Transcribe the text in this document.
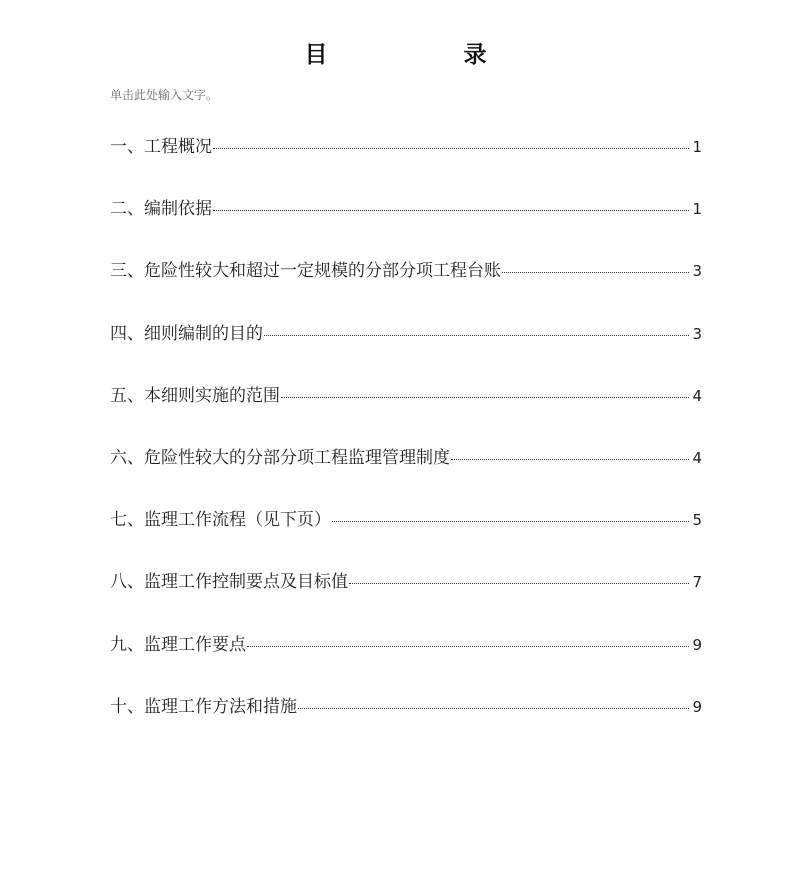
目 录
单击此处输入文字。
一、工程概况	1
二、编制依据	1
三、危险性较大和超过一定规模的分部分项工程台账	3
四、细则编制的目的	3
五、本细则实施的范围	4
六、危险性较大的分部分项工程监理管理制度	4
七、监理工作流程（见下页）	5
八、监理工作控制要点及目标值	7
九、监理工作要点	9
十、监理工作方法和措施	9
